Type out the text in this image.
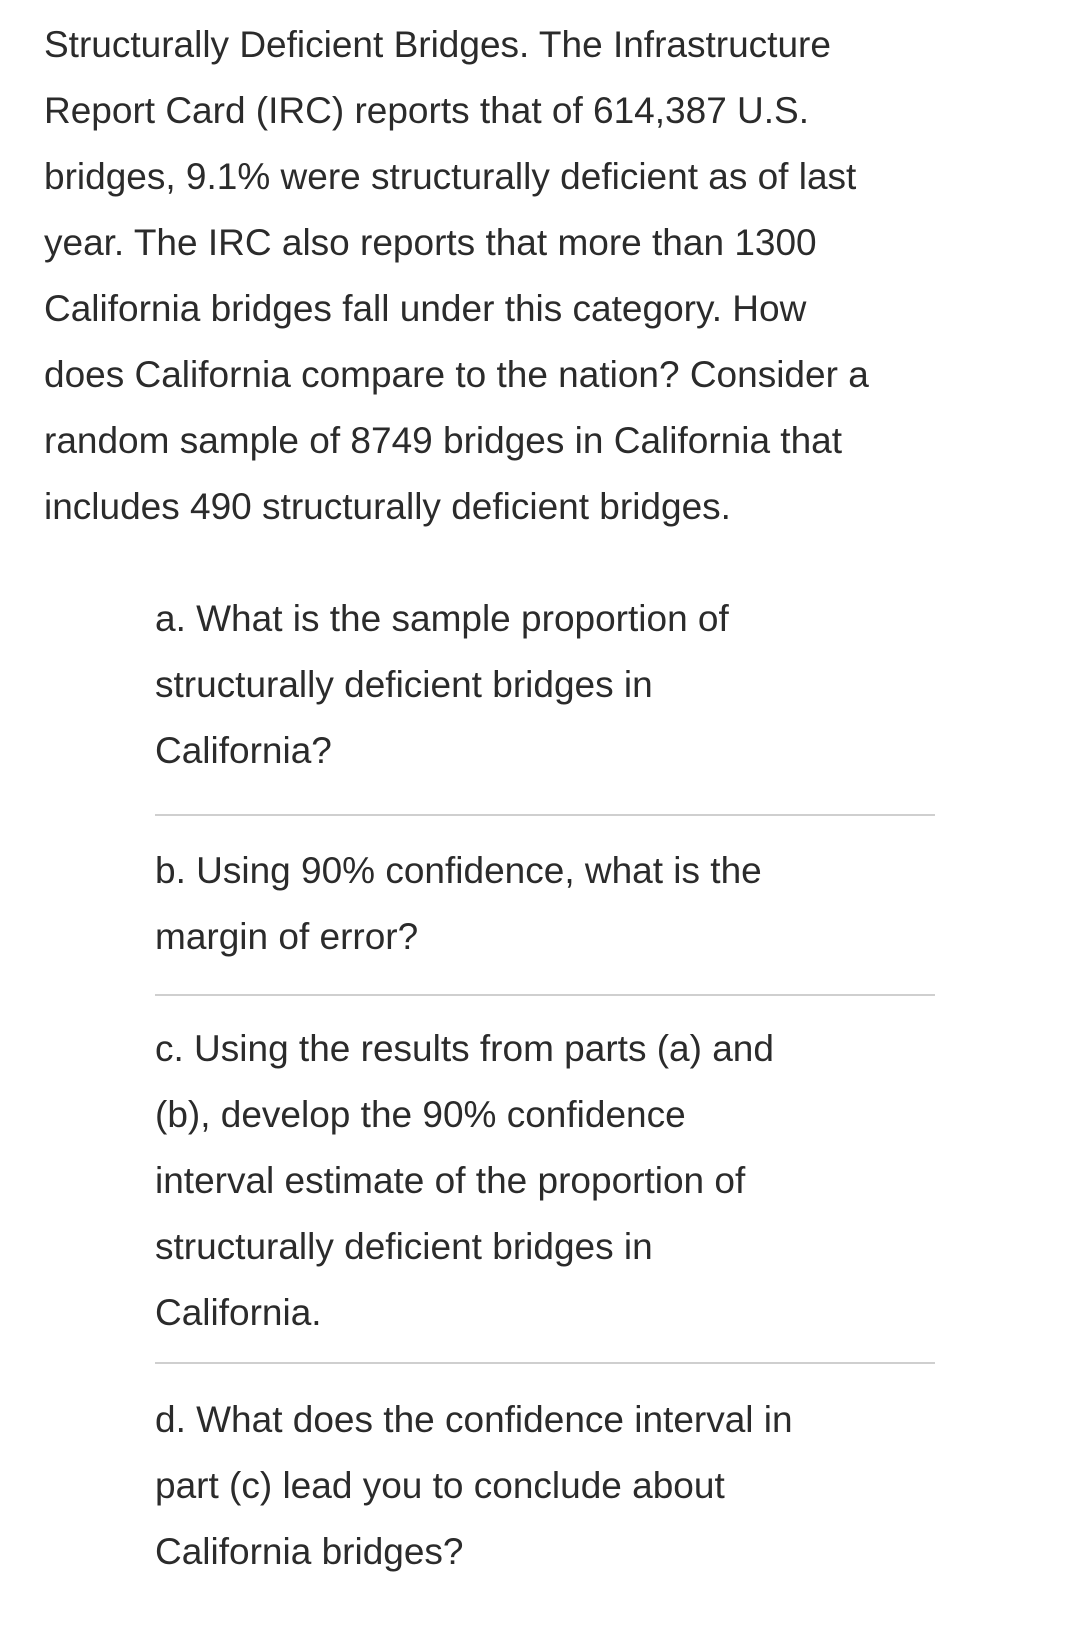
Structurally Deficient Bridges. The Infrastructure
Report Card (IRC) reports that of 614,387 U.S.
bridges, 9.1% were structurally deficient as of last
year. The IRC also reports that more than 1300
California bridges fall under this category. How
does California compare to the nation? Consider a
random sample of 8749 bridges in California that
includes 490 structurally deficient bridges.
a. What is the sample proportion of
structurally deficient bridges in
California?
b. Using 90% confidence, what is the
margin of error?
c. Using the results from parts (a) and
(b), develop the 90% confidence
interval estimate of the proportion of
structurally deficient bridges in
California.
d. What does the confidence interval in
part (c) lead you to conclude about
California bridges?
